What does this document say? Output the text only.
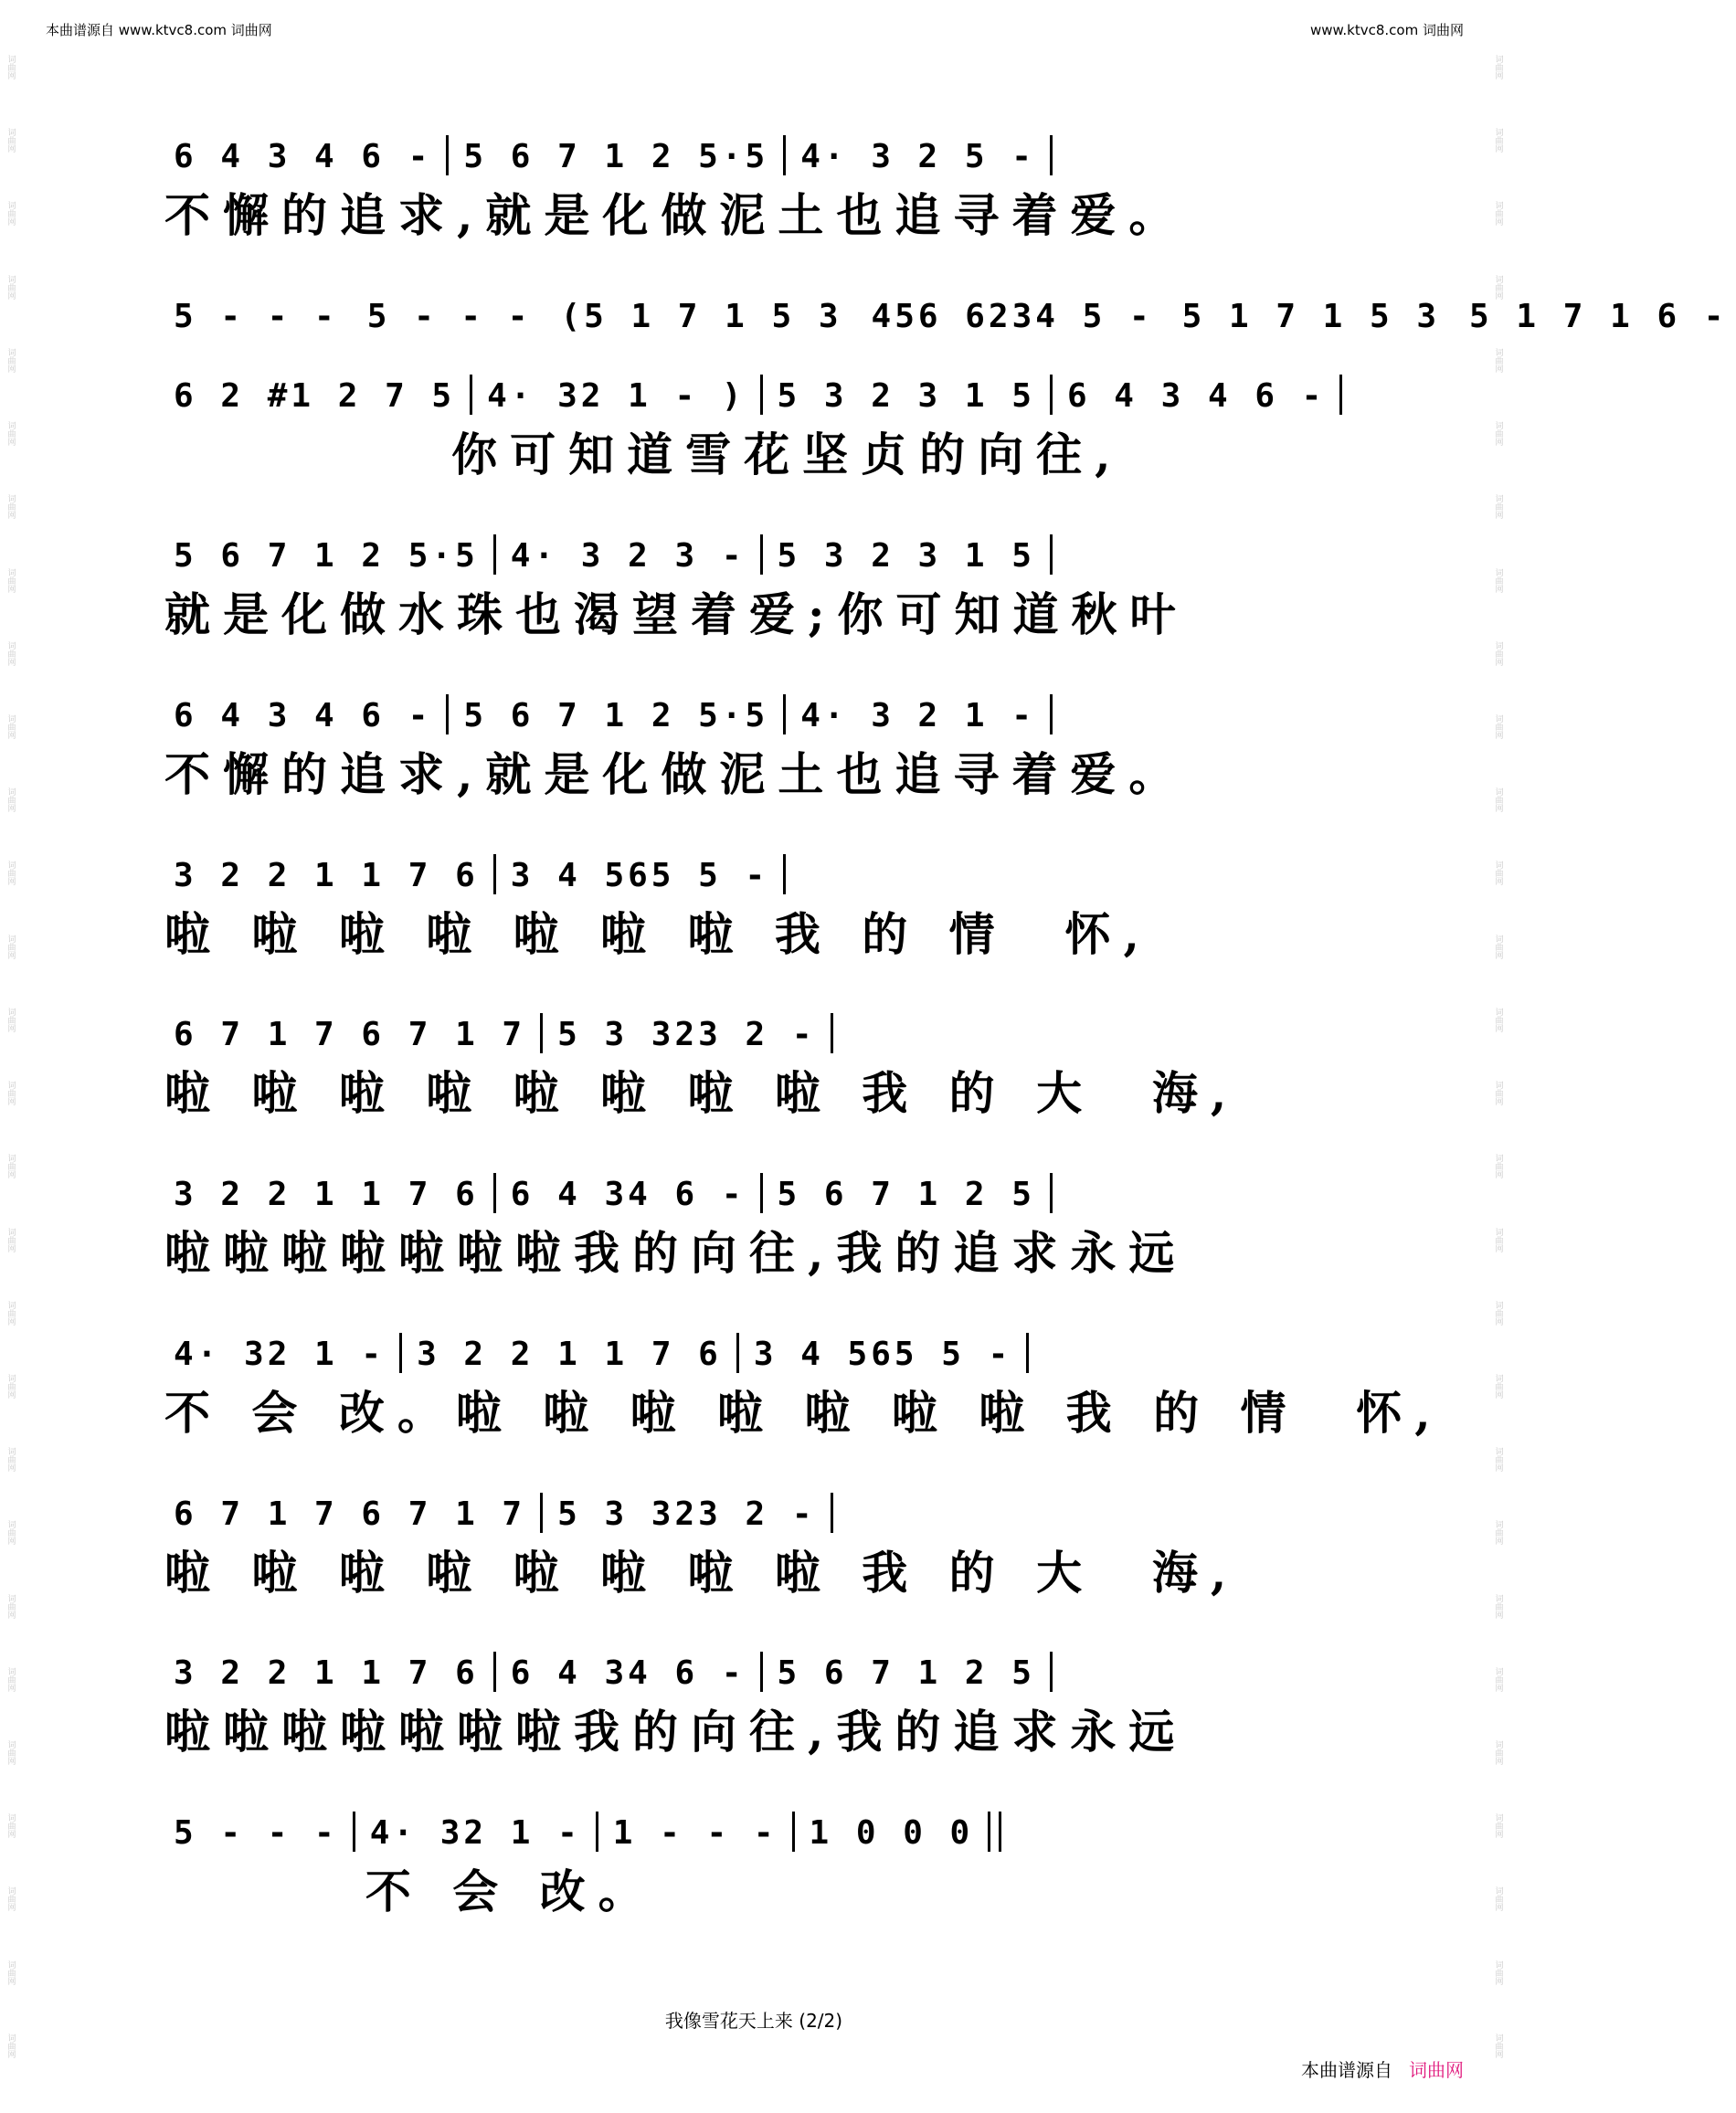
本曲谱源自 www.ktvc8.com 词曲网	www.ktvc8.com 词曲网
词曲网
词曲网
词曲网
词曲网
词曲网
词曲网
词曲网
词曲网
词曲网
词曲网
词曲网
词曲网
词曲网
词曲网
词曲网
词曲网
词曲网
词曲网
词曲网
词曲网
词曲网
词曲网
词曲网
词曲网
词曲网
词曲网
词曲网
词曲网
词曲网
词曲网
词曲网
词曲网
词曲网
词曲网
词曲网
词曲网
词曲网
词曲网
词曲网
词曲网
词曲网
词曲网
词曲网
词曲网
词曲网
词曲网
词曲网
词曲网
词曲网
词曲网
词曲网
词曲网
词曲网
词曲网
词曲网
词曲网
6 4 3 4 6 - 5 6 7 1 2 5·5 4· 3 2 5 -
不懈的追求,就是化做泥土也追寻着爱。
5 - - - 5 - - - (5 1 7 1 5 3 456 6234 5 - 5 1 7 1 5 3 5 1 7 1 6 -
6 2 #1 2 7 5 4· 32 1 - ) 5 3 2 3 1 5 6 4 3 4 6 -
你可知道雪花坚贞的向往,
5 6 7 1 2 5·5 4· 3 2 3 - 5 3 2 3 1 5
就是化做水珠也渴望着爱;你可知道秋叶
6 4 3 4 6 - 5 6 7 1 2 5·5 4· 3 2 1 -
不懈的追求,就是化做泥土也追寻着爱。
3 2 2 1 1 7 6 3 4 565 5 -
啦 啦 啦 啦 啦 啦 啦 我 的 情  怀,
6 7 1 7 6 7 1 7 5 3 323 2 -
啦 啦 啦 啦 啦 啦 啦 啦 我 的 大  海,
3 2 2 1 1 7 6 6 4 34 6 - 5 6 7 1 2 5
啦啦啦啦啦啦啦我的向往,我的追求永远
4· 32 1 - 3 2 2 1 1 7 6 3 4 565 5 -
不 会 改。啦 啦 啦 啦 啦 啦 啦 我 的 情  怀,
6 7 1 7 6 7 1 7 5 3 323 2 -
啦 啦 啦 啦 啦 啦 啦 啦 我 的 大  海,
3 2 2 1 1 7 6 6 4 34 6 - 5 6 7 1 2 5
啦啦啦啦啦啦啦我的向往,我的追求永远
5 - - - 4· 32 1 - 1 - - - 1 0 0 0
不 会 改。
我像雪花天上来 (2/2)
本曲谱源自 词曲网
